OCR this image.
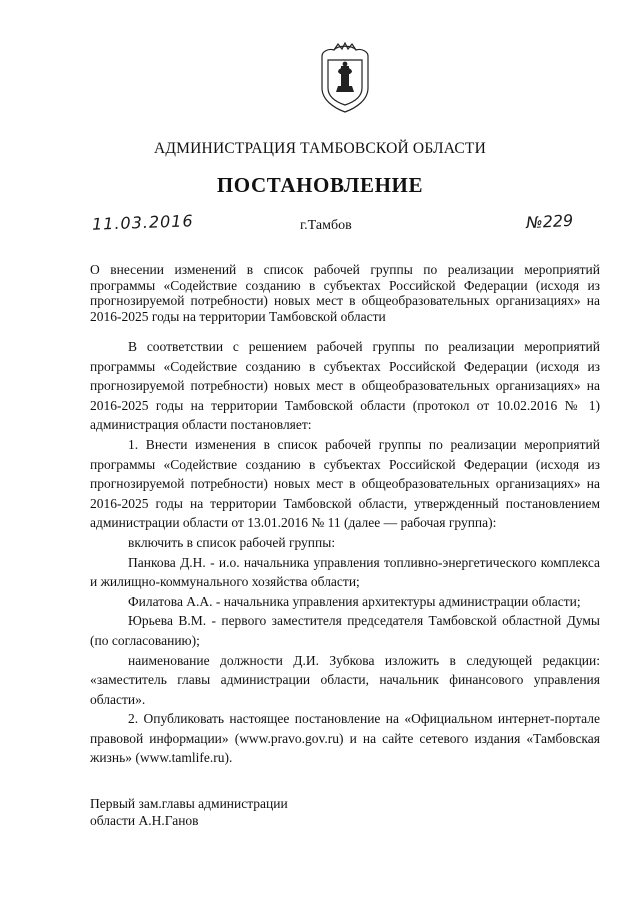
АДМИНИСТРАЦИЯ ТАМБОВСКОЙ ОБЛАСТИ
ПОСТАНОВЛЕНИЕ
11.03.2016	г.Тамбов	№229
О внесении изменений в список рабочей группы по реализации мероприятий программы «Содействие созданию в субъектах Российской Федерации (исходя из прогнозируемой потребности) новых мест в общеобразовательных организациях» на 2016-2025 годы на территории Тамбовской области

В соответствии с решением рабочей группы по реализации мероприятий программы «Содействие созданию в субъектах Российской Федерации (исходя из прогнозируемой потребности) новых мест в общеобразовательных организациях» на 2016-2025 годы на территории Тамбовской области (протокол от 10.02.2016 № 1) администрация области постановляет:

1. Внести изменения в список рабочей группы по реализации мероприятий программы «Содействие созданию в субъектах Российской Федерации (исходя из прогнозируемой потребности) новых мест в общеобразовательных организациях» на 2016-2025 годы на территории Тамбовской области, утвержденный постановлением администрации области от 13.01.2016 № 11 (далее — рабочая группа):

включить в список рабочей группы:

Панкова Д.Н. - и.о. начальника управления топливно-энергетического комплекса и жилищно-коммунального хозяйства области;

Филатова А.А. - начальника управления архитектуры администрации области;

Юрьева В.М. - первого заместителя председателя Тамбовской областной Думы (по согласованию);

наименование должности Д.И. Зубкова изложить в следующей редакции: «заместитель главы администрации области, начальник финансового управления области».

2. Опубликовать настоящее постановление на «Официальном интернет-портале правовой информации» (www.pravo.gov.ru) и на сайте сетевого издания «Тамбовская жизнь» (www.tamlife.ru).

Первый зам.главы администрации
области А.Н.Ганов
